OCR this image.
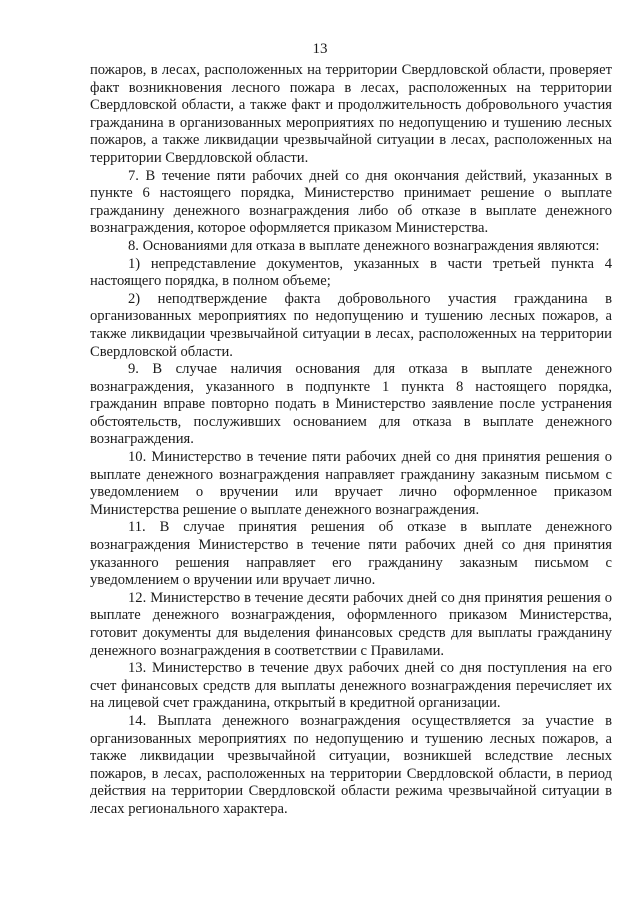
13

пожаров, в лесах, расположенных на территории Свердловской области, проверяет факт возникновения лесного пожара в лесах, расположенных на территории Свердловской области, а также факт и продолжительность добровольного участия гражданина в организованных мероприятиях по недопущению и тушению лесных пожаров, а также ликвидации чрезвычайной ситуации в лесах, расположенных на территории Свердловской области.

7. В течение пяти рабочих дней со дня окончания действий, указанных в пункте 6 настоящего порядка, Министерство принимает решение о выплате гражданину денежного вознаграждения либо об отказе в выплате денежного вознаграждения, которое оформляется приказом Министерства.

8. Основаниями для отказа в выплате денежного вознаграждения являются:

1) непредставление документов, указанных в части третьей пункта 4 настоящего порядка, в полном объеме;

2) неподтверждение факта добровольного участия гражданина в организованных мероприятиях по недопущению и тушению лесных пожаров, а также ликвидации чрезвычайной ситуации в лесах, расположенных на территории Свердловской области.

9. В случае наличия основания для отказа в выплате денежного вознаграждения, указанного в подпункте 1 пункта 8 настоящего порядка, гражданин вправе повторно подать в Министерство заявление после устранения обстоятельств, послуживших основанием для отказа в выплате денежного вознаграждения.

10. Министерство в течение пяти рабочих дней со дня принятия решения о выплате денежного вознаграждения направляет гражданину заказным письмом с уведомлением о вручении или вручает лично оформленное приказом Министерства решение о выплате денежного вознаграждения.

11. В случае принятия решения об отказе в выплате денежного вознаграждения Министерство в течение пяти рабочих дней со дня принятия указанного решения направляет его гражданину заказным письмом с уведомлением о вручении или вручает лично.

12. Министерство в течение десяти рабочих дней со дня принятия решения о выплате денежного вознаграждения, оформленного приказом Министерства, готовит документы для выделения финансовых средств для выплаты гражданину денежного вознаграждения в соответствии с Правилами.

13. Министерство в течение двух рабочих дней со дня поступления на его счет финансовых средств для выплаты денежного вознаграждения перечисляет их на лицевой счет гражданина, открытый в кредитной организации.

14. Выплата денежного вознаграждения осуществляется за участие в организованных мероприятиях по недопущению и тушению лесных пожаров, а также ликвидации чрезвычайной ситуации, возникшей вследствие лесных пожаров, в лесах, расположенных на территории Свердловской области, в период действия на территории Свердловской области режима чрезвычайной ситуации в лесах регионального характера.
